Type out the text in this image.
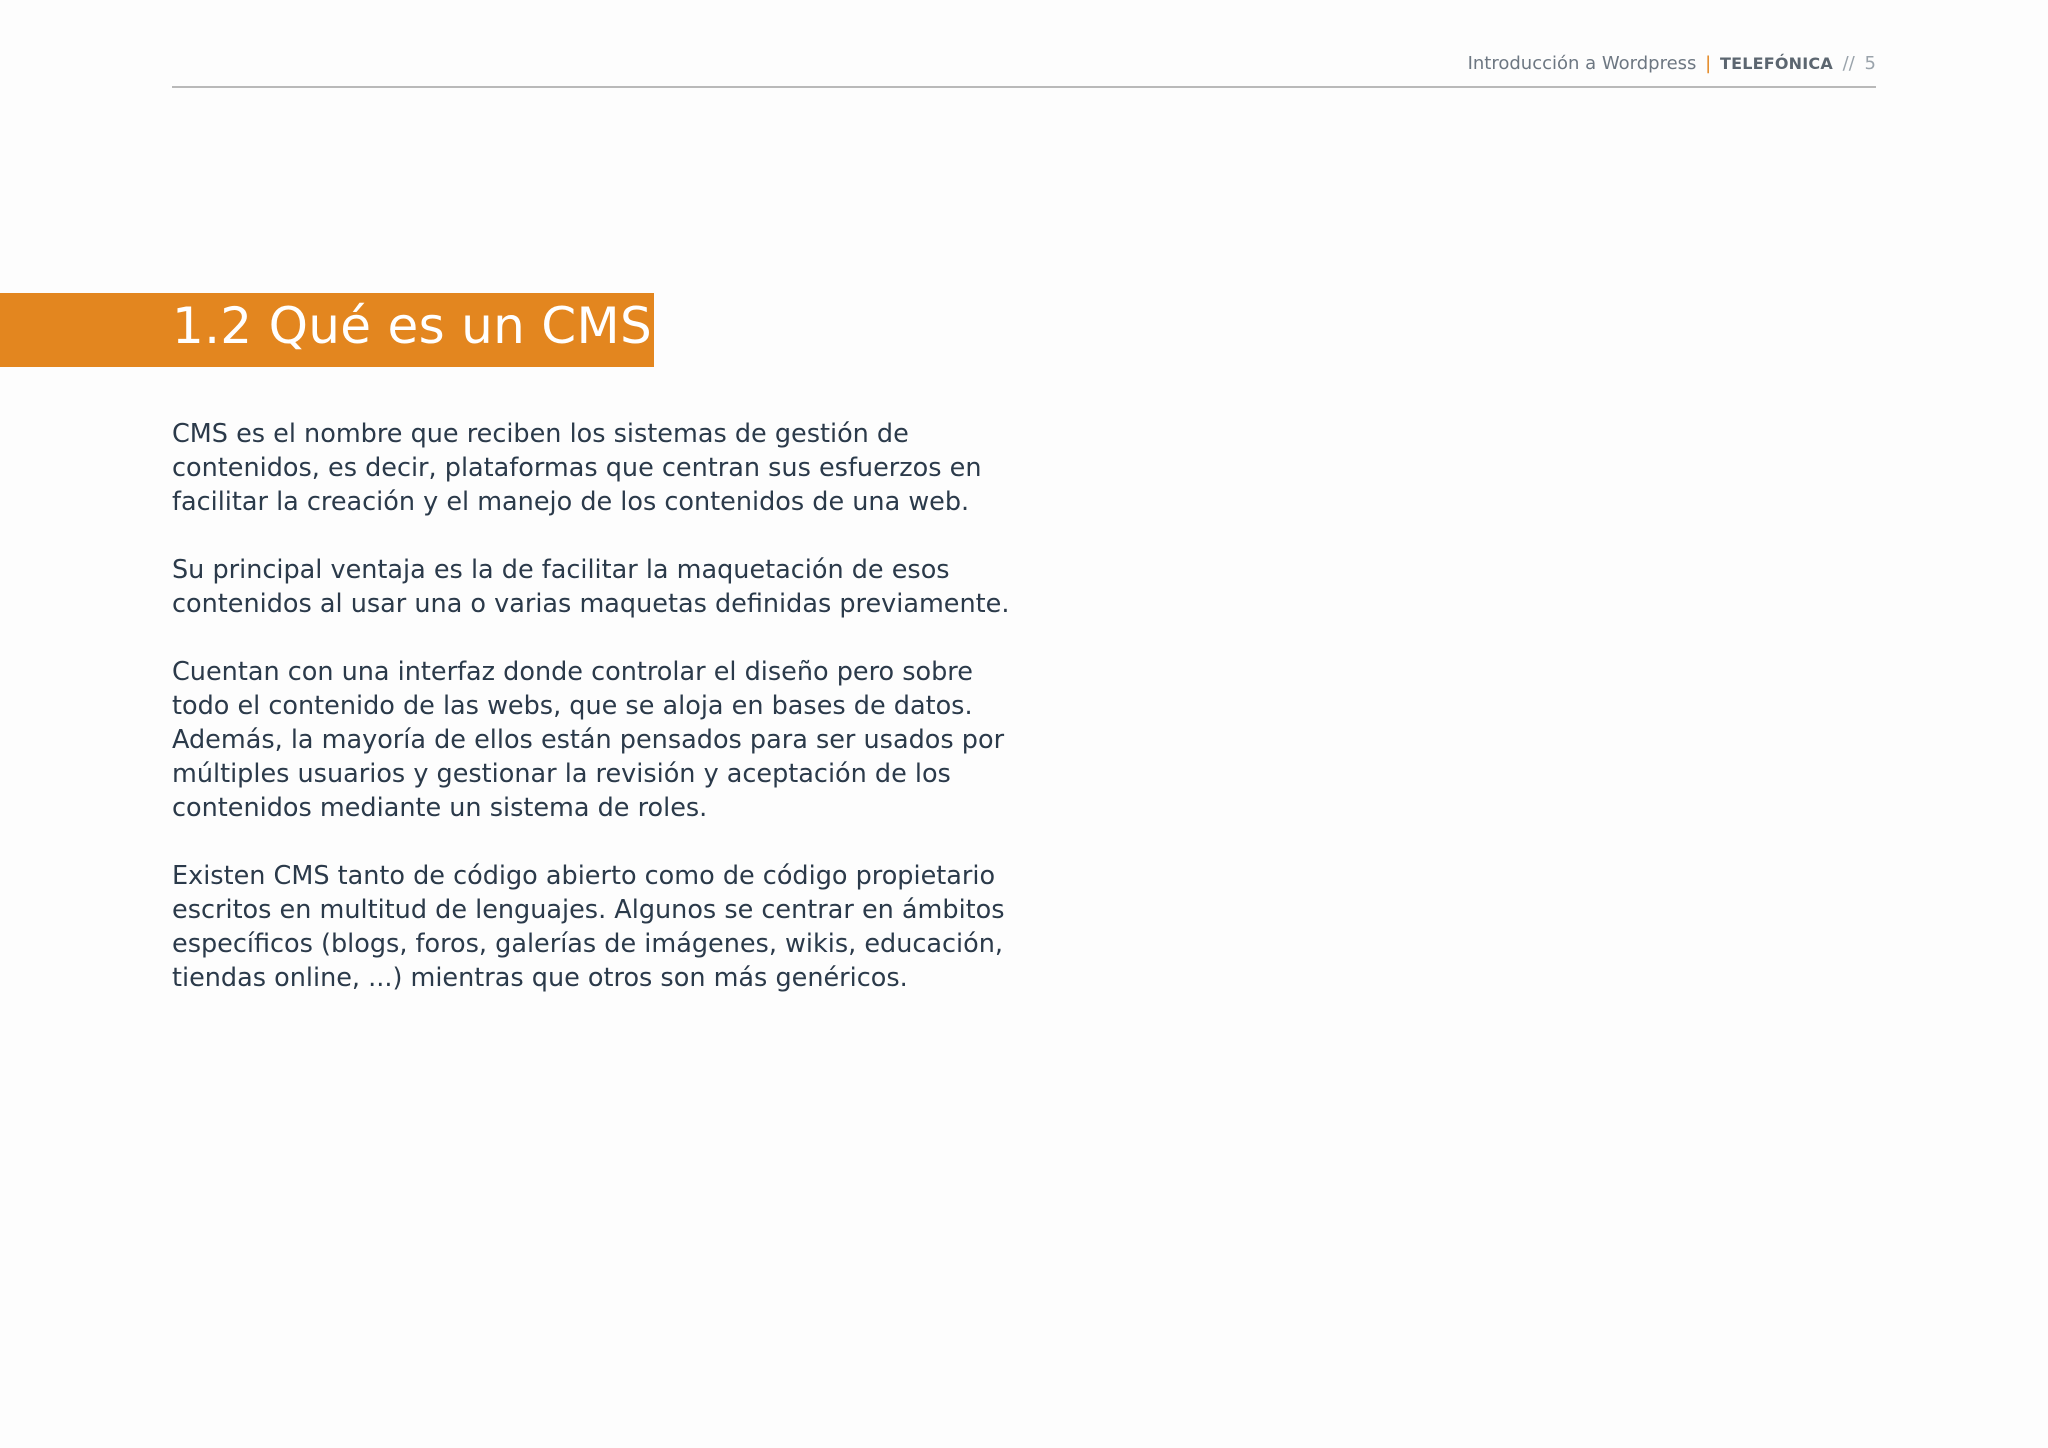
Introducción a Wordpress | TELEFÓNICA // 5
1.2 Qué es un CMS

CMS es el nombre que reciben los sistemas de gestión de contenidos, es decir, plataformas que centran sus esfuerzos en facilitar la creación y el manejo de los contenidos de una web.

Su principal ventaja es la de facilitar la maquetación de esos contenidos al usar una o varias maquetas definidas previamente.

Cuentan con una interfaz donde controlar el diseño pero sobre todo el contenido de las webs, que se aloja en bases de datos. Además, la mayoría de ellos están pensados para ser usados por múltiples usuarios y gestionar la revisión y aceptación de los contenidos mediante un sistema de roles.

Existen CMS tanto de código abierto como de código propietario escritos en multitud de lenguajes. Algunos se centrar en ámbitos específicos (blogs, foros, galerías de imágenes, wikis, educación, tiendas online, ...) mientras que otros son más genéricos.
